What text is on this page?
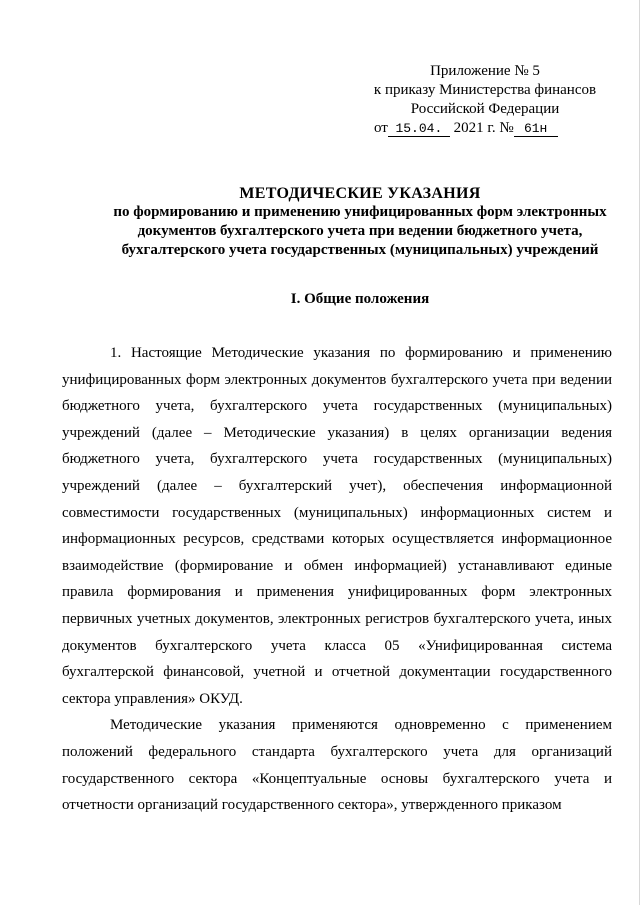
Приложение № 5
к приказу Министерства финансов
Российской Федерации
от 15.04. 2021 г. № 61н
МЕТОДИЧЕСКИЕ УКАЗАНИЯ
по формированию и применению унифицированных форм электронных
документов бухгалтерского учета при ведении бюджетного учета,
бухгалтерского учета государственных (муниципальных) учреждений
I. Общие положения

1. Настоящие Методические указания по формированию и применению унифицированных форм электронных документов бухгалтерского учета при ведении бюджетного учета, бухгалтерского учета государственных (муниципальных) учреждений (далее – Методические указания) в целях организации ведения бюджетного учета, бухгалтерского учета государственных (муниципальных) учреждений (далее – бухгалтерский учет), обеспечения информационной совместимости государственных (муниципальных) информационных систем и информационных ресурсов, средствами которых осуществляется информационное взаимодействие (формирование и обмен информацией) устанавливают единые правила формирования и применения унифицированных форм электронных первичных учетных документов, электронных регистров бухгалтерского учета, иных документов бухгалтерского учета класса 05 «Унифицированная система бухгалтерской финансовой, учетной и отчетной документации государственного сектора управления» ОКУД.

Методические указания применяются одновременно с применением положений федерального стандарта бухгалтерского учета для организаций государственного сектора «Концептуальные основы бухгалтерского учета и отчетности организаций государственного сектора», утвержденного приказом
